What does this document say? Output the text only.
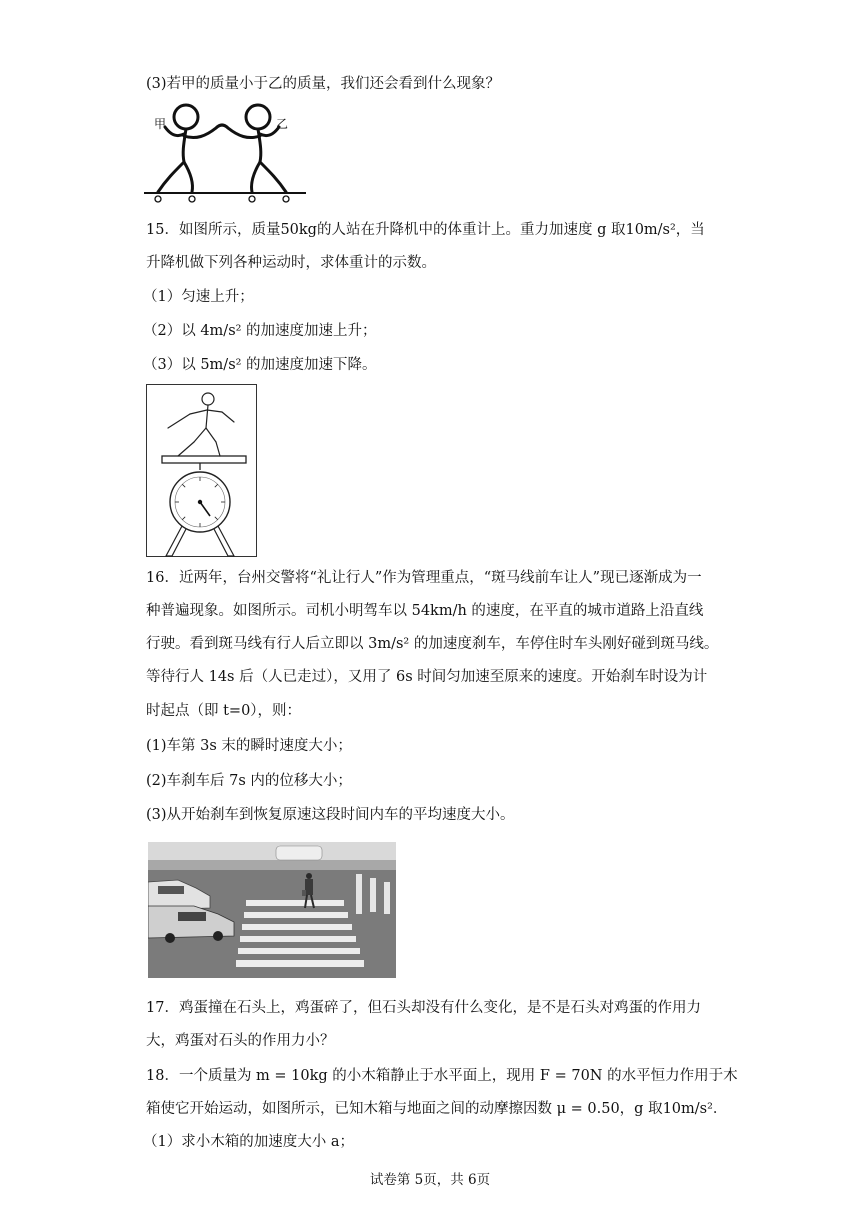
(3)若甲的质量小于乙的质量，我们还会看到什么现象？
甲	乙
15．如图所示，质量50kg的人站在升降机中的体重计上。重力加速度 g 取10m/s²，当
升降机做下列各种运动时，求体重计的示数。
（1）匀速上升；
（2）以 4m/s² 的加速度加速上升；
（3）以 5m/s² 的加速度加速下降。
16．近两年，台州交警将“礼让行人”作为管理重点，“斑马线前车让人”现已逐渐成为一
种普遍现象。如图所示。司机小明驾车以 54km/h 的速度，在平直的城市道路上沿直线
行驶。看到斑马线有行人后立即以 3m/s² 的加速度刹车，车停住时车头刚好碰到斑马线。
等待行人 14s 后（人已走过），又用了 6s 时间匀加速至原来的速度。开始刹车时设为计
时起点（即 t=0），则：
(1)车第 3s 末的瞬时速度大小；
(2)车刹车后 7s 内的位移大小；
(3)从开始刹车到恢复原速这段时间内车的平均速度大小。
17．鸡蛋撞在石头上，鸡蛋碎了，但石头却没有什么变化，是不是石头对鸡蛋的作用力
大，鸡蛋对石头的作用力小？
18．一个质量为 m = 10kg 的小木箱静止于水平面上，现用 F = 70N 的水平恒力作用于木
箱使它开始运动，如图所示，已知木箱与地面之间的动摩擦因数 μ = 0.50，g 取10m/s²．
（1）求小木箱的加速度大小 a；
试卷第 5页，共 6页
